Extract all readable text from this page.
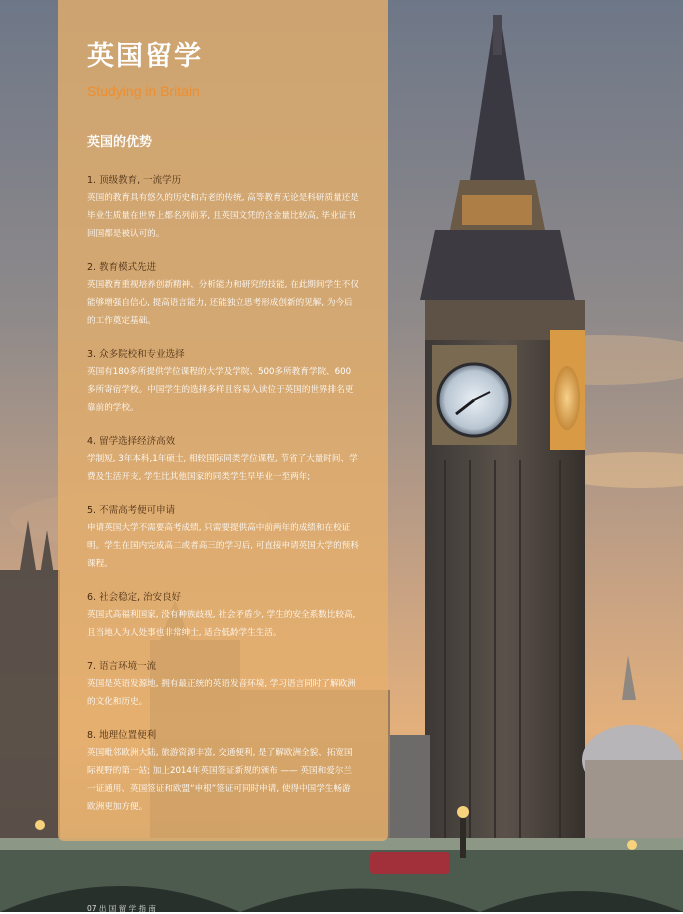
英国留学

Studying in Britain

英国的优势

1. 顶级教育, 一流学历

英国的教育具有悠久的历史和古老的传统, 高等教育无论是科研质量还是毕业生质量在世界上都名列前茅, 且英国文凭的含金量比较高, 毕业证书回国都是被认可的。

2. 教育模式先进

英国教育重视培养创新精神、分析能力和研究的技能, 在此期间学生不仅能够增强自信心, 提高语言能力, 还能独立思考形成创新的见解, 为今后的工作奠定基础。

3. 众多院校和专业选择

英国有180多所提供学位课程的大学及学院、500多所教育学院、600多所寄宿学校。中国学生的选择多样且容易入读位于英国的世界排名更靠前的学校。

4. 留学选择经济高效

学制短, 3年本科,1年硕士, 相较国际同类学位课程, 节省了大量时间、学费及生活开支, 学生比其他国家的同类学生早毕业一至两年;

5. 不需高考便可申请

申请英国大学不需要高考成绩, 只需要提供高中前两年的成绩和在校证明。学生在国内完成高二或者高三的学习后, 可直接申请英国大学的预科课程。

6. 社会稳定, 治安良好

英国式高福利国家, 没有种族歧视, 社会矛盾少, 学生的安全系数比较高, 且当地人为人处事也非常绅士, 适合低龄学生生活。

7. 语言环境一流

英国是英语发源地, 拥有最正统的英语发音环境, 学习语言同时了解欧洲的文化和历史。

8. 地理位置便利

英国毗邻欧洲大陆, 旅游资源丰富, 交通便利, 是了解欧洲全貌、拓宽国际视野的第一站; 加上2014年英国签证新规的颁布 —— 英国和爱尔兰一证通用、英国签证和欧盟“申根”签证可同时申请, 使得中国学生畅游欧洲更加方便。

07 出 国 留 学 指 南
